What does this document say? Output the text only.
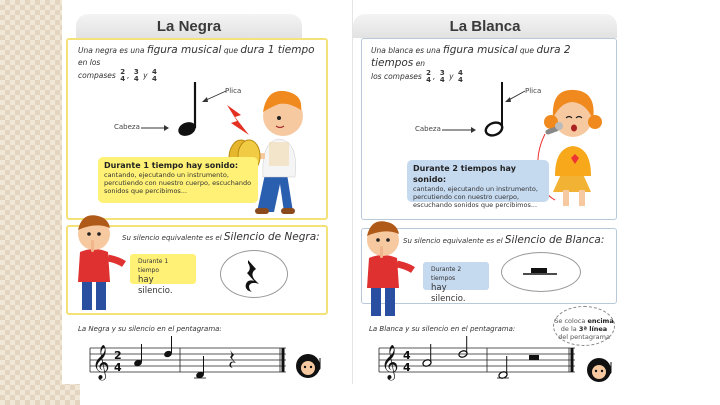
La Negra
Una negra es una figura musical que dura 1 tiempo en los
compases 2
4 , 3
4 y 4
4
Plica
Cabeza
Durante 1 tiempo hay sonido:
cantando, ejecutando un instrumento, percutiendo con nuestro cuerpo, escuchando sonidos que percibimos...
Su silencio equivalente es el Silencio de Negra:
Durante 1 tiempo
hay silencio.
La Negra y su silencio en el pentagrama:
𝄞 2
4
La Blanca
Una blanca es una figura musical que dura 2 tiempos en
los compases 2
4 , 3
4 y 4
4
Plica
Cabeza
Durante 2 tiempos hay sonido:
cantando, ejecutando un instrumento, percutiendo con nuestro cuerpo, escuchando sonidos que percibimos...
Su silencio equivalente es el Silencio de Blanca:
Durante 2 tiempos
hay silencio.
La Blanca y su silencio en el pentagrama:
Se coloca encima
de la 3ª línea
del pentagrama
𝄞 4
4
